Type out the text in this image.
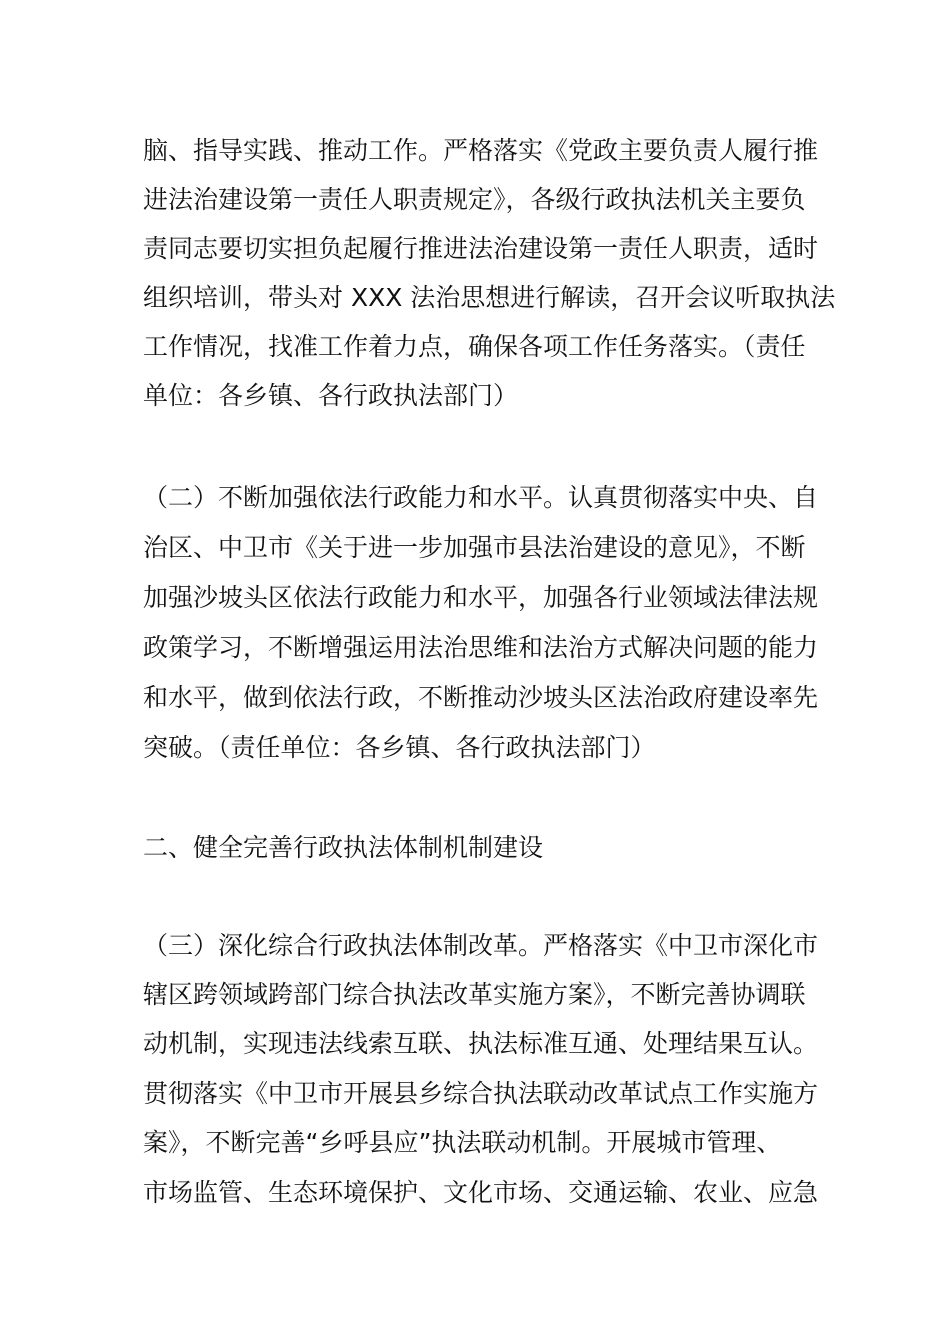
脑、指导实践、推动工作。严格落实《党政主要负责人履行推
进法治建设第一责任人职责规定》，各级行政执法机关主要负
责同志要切实担负起履行推进法治建设第一责任人职责，适时
组织培训，带头对 XXX 法治思想进行解读，召开会议听取执法
工作情况，找准工作着力点，确保各项工作任务落实。（责任
单位：各乡镇、各行政执法部门）
（二）不断加强依法行政能力和水平。认真贯彻落实中央、自
治区、中卫市《关于进一步加强市县法治建设的意见》，不断
加强沙坡头区依法行政能力和水平，加强各行业领域法律法规
政策学习，不断增强运用法治思维和法治方式解决问题的能力
和水平，做到依法行政，不断推动沙坡头区法治政府建设率先
突破。（责任单位：各乡镇、各行政执法部门）
二、健全完善行政执法体制机制建设
（三）深化综合行政执法体制改革。严格落实《中卫市深化市
辖区跨领域跨部门综合执法改革实施方案》，不断完善协调联
动机制，实现违法线索互联、执法标准互通、处理结果互认。
贯彻落实《中卫市开展县乡综合执法联动改革试点工作实施方
案》，不断完善“乡呼县应”执法联动机制。开展城市管理、
市场监管、生态环境保护、文化市场、交通运输、农业、应急
